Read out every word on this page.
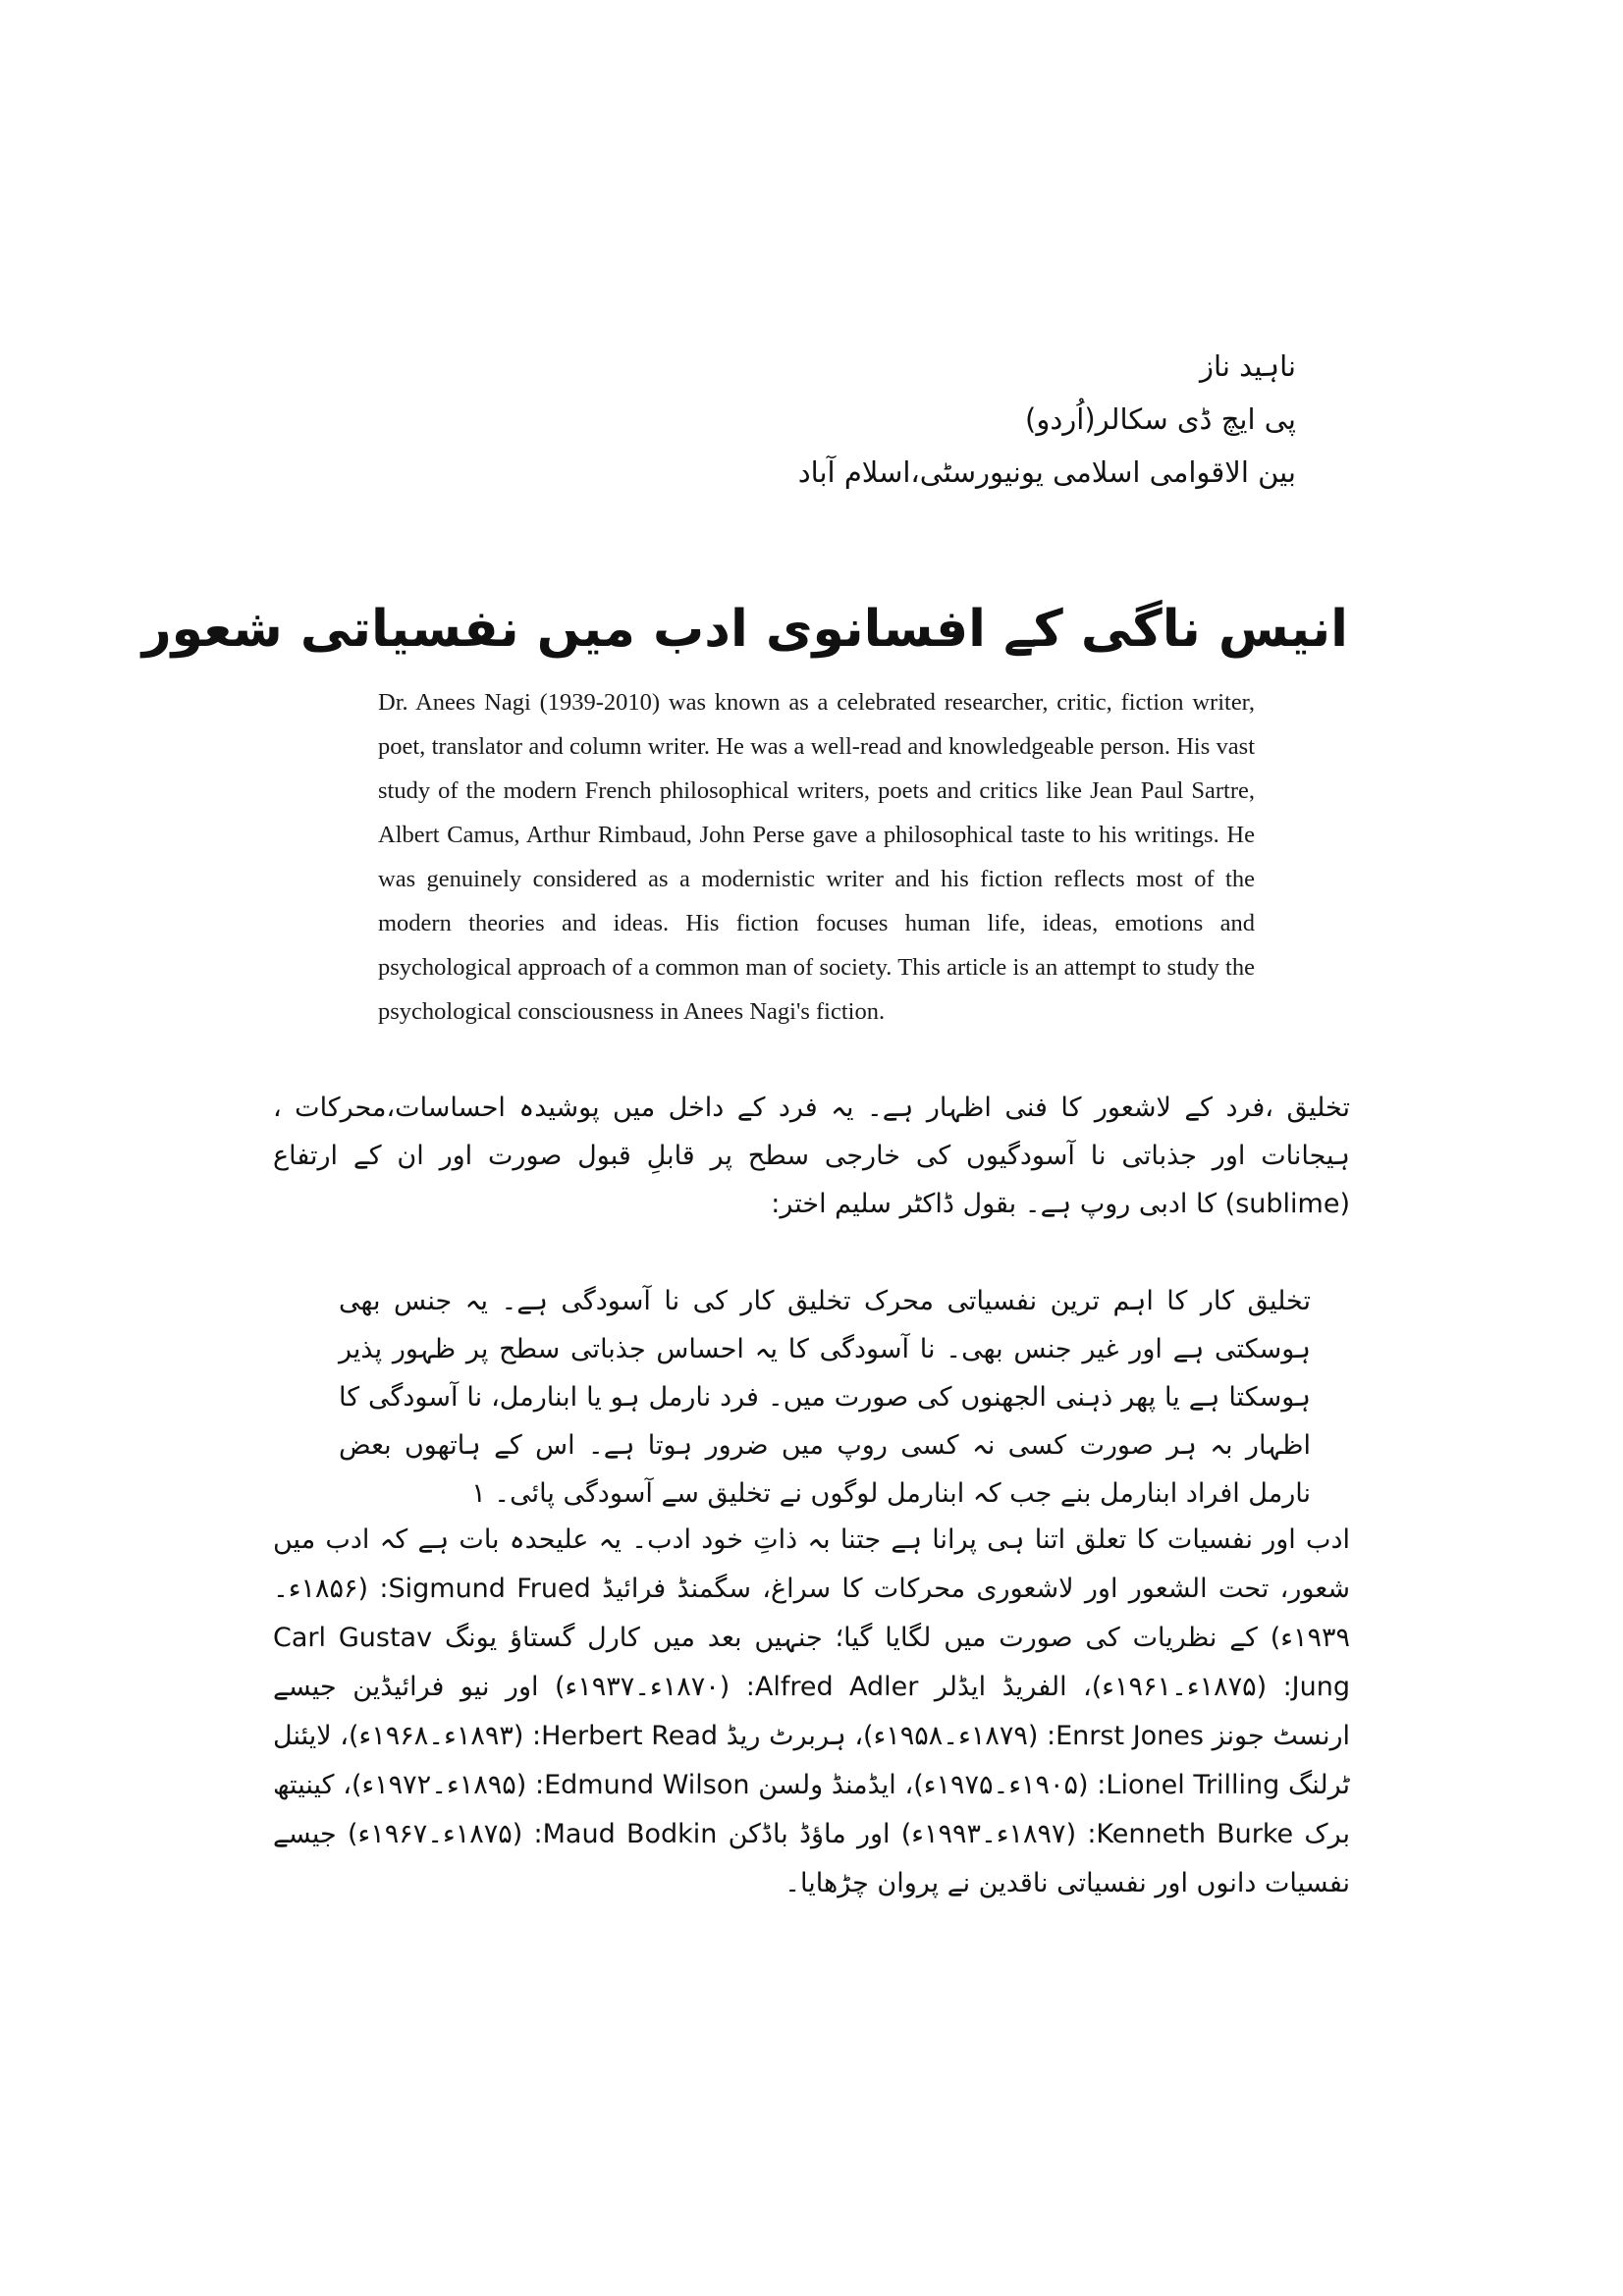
ناہید ناز
پی ایچ ڈی سکالر(اُردو)
بین الاقوامی اسلامی یونیورسٹی،اسلام آباد
انیس ناگی کے افسانوی ادب میں نفسیاتی شعور
Dr. Anees Nagi (1939-2010) was known as a celebrated researcher, critic, fiction writer, poet, translator and column writer. He was a well-read and knowledgeable person. His vast study of the modern French philosophical writers, poets and critics like Jean Paul Sartre, Albert Camus, Arthur Rimbaud, John Perse gave a philosophical taste to his writings. He was genuinely considered as a modernistic writer and his fiction reflects most of the modern theories and ideas. His fiction focuses human life, ideas, emotions and psychological approach of a common man of society. This article is an attempt to study the psychological consciousness in Anees Nagi's fiction.
تخلیق ،فرد کے لاشعور کا فنی اظہار ہے۔ یہ فرد کے داخل میں پوشیدہ احساسات،محرکات ، ہیجانات اور جذباتی نا آسودگیوں کی خارجی سطح پر قابلِ قبول صورت اور ان کے ارتفاع (sublime) کا ادبی روپ ہے۔ بقول ڈاکٹر سلیم اختر:
تخلیق کار کا اہم ترین نفسیاتی محرک تخلیق کار کی نا آسودگی ہے۔ یہ جنس بھی ہوسکتی ہے اور غیر جنس بھی۔ نا آسودگی کا یہ احساس جذباتی سطح پر ظہور پذیر ہوسکتا ہے یا پھر ذہنی الجھنوں کی صورت میں۔ فرد نارمل ہو یا ابنارمل، نا آسودگی کا اظہار بہ ہر صورت کسی نہ کسی روپ میں ضرور ہوتا ہے۔ اس کے ہاتھوں بعض نارمل افراد ابنارمل بنے جب کہ ابنارمل لوگوں نے تخلیق سے آسودگی پائی۔ ۱
ادب اور نفسیات کا تعلق اتنا ہی پرانا ہے جتنا بہ ذاتِ خود ادب۔ یہ علیحدہ بات ہے کہ ادب میں شعور، تحت الشعور اور لاشعوری محرکات کا سراغ، سگمنڈ فرائیڈ Sigmund Frued: (۱۸۵۶ء۔۱۹۳۹ء) کے نظریات کی صورت میں لگایا گیا؛ جنہیں بعد میں کارل گستاؤ یونگ Carl Gustav Jung: (۱۸۷۵ء۔۱۹۶۱ء)، الفریڈ ایڈلر Alfred Adler: (۱۸۷۰ء۔۱۹۳۷ء) اور نیو فرائیڈین جیسے ارنسٹ جونز Enrst Jones: (۱۸۷۹ء۔۱۹۵۸ء)، ہربرٹ ریڈ Herbert Read: (۱۸۹۳ء۔۱۹۶۸ء)، لایئنل ٹرلنگ Lionel Trilling: (۱۹۰۵ء۔۱۹۷۵ء)، ایڈمنڈ ولسن Edmund Wilson: (۱۸۹۵ء۔۱۹۷۲ء)، کینیتھ برک Kenneth Burke: (۱۸۹۷ء۔۱۹۹۳ء) اور ماؤڈ باڈکن Maud Bodkin: (۱۸۷۵ء۔۱۹۶۷ء) جیسے نفسیات دانوں اور نفسیاتی ناقدین نے پروان چڑھایا۔
